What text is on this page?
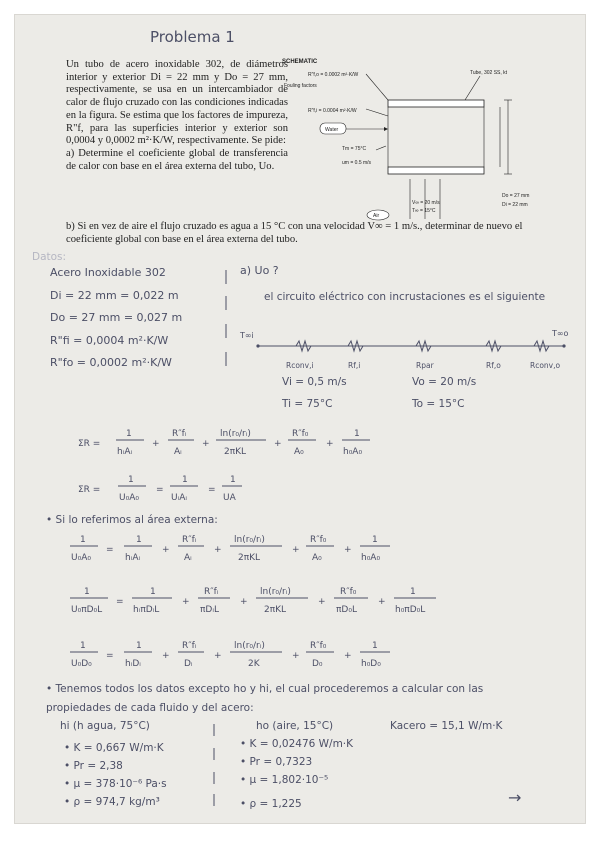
Problema 1

Un tubo de acero inoxidable 302, de diámetros interior y exterior Di = 22 mm y Do = 27 mm, respectivamente, se usa en un intercambiador de calor de flujo cruzado con las condiciones indicadas en la figura. Se estima que los factores de impureza, R"f, para las superficies interior y exterior son 0,0004 y 0,0002 m²·K/W, respectivamente. Se pide:

a) Determine el coeficiente global de transferencia de calor con base en el área externa del tubo, Uo.

b) Si en vez de aire el flujo cruzado es agua a 15 °C con una velocidad V∞ = 1 m/s., determinar de nuevo el coeficiente global con base en el área externa del tubo.
SCHEMATIC
Fouling factors
R"f,o = 0.0002 m²·K/W
R"f,i = 0.0004 m²·K/W
Tube, 302 SS, kt
Water
Tm = 75°C
um = 0.5 m/s
Do = 27 mm
Di = 22 mm
Air
V∞ = 20 m/s
T∞ = 15°C
Datos:
Acero Inoxidable 302
Di = 22 mm = 0,022 m
Do = 27 mm = 0,027 m
R"fi = 0,0004 m²·K/W
R"fo = 0,0002 m²·K/W
a) Uo ?
el circuito eléctrico con incrustaciones es el siguiente
T∞i	T∞o
Rconv,i	Rf,i	Rpar	Rf,o	Rconv,o
Vi = 0,5 m/s	Vo = 20 m/s
Ti = 75°C	To = 15°C
ΣR =
1
hᵢAᵢ
+
R″fᵢ
Aᵢ
+
ln(r₀/rᵢ)
2πKL
+
R″f₀
A₀
+
1
h₀A₀
ΣR =
1
U₀A₀
=
1
UᵢAᵢ
=
1
UA
• Si lo referimos al área externa:
1
U₀A₀
=
1
hᵢAᵢ
+
R″fᵢ
Aᵢ
+
ln(r₀/rᵢ)
2πKL
+
R″f₀
A₀
+
1
h₀A₀
1
U₀πD₀L
=
1
hᵢπDᵢL
+
R″fᵢ
πDᵢL
+
ln(r₀/rᵢ)
2πKL
+
R″f₀
πD₀L
+
1
h₀πD₀L
1
U₀D₀
=
1
hᵢDᵢ
+
R″fᵢ
Dᵢ
+
ln(r₀/rᵢ)
2K
+
R″f₀
D₀
+
1
h₀D₀
• Tenemos todos los datos excepto ho y hi, el cual procederemos a calcular con las propiedades de cada fluido y del acero:
hi (h agua, 75°C)	ho (aire, 15°C)	Kacero = 15,1 W/m·K
• K = 0,667 W/m·K
• Pr = 2,38
• μ = 378·10⁻⁶ Pa·s
• ρ = 974,7 kg/m³
• K = 0,02476 W/m·K
• Pr = 0,7323
• μ = 1,802·10⁻⁵
• ρ = 1,225	→
